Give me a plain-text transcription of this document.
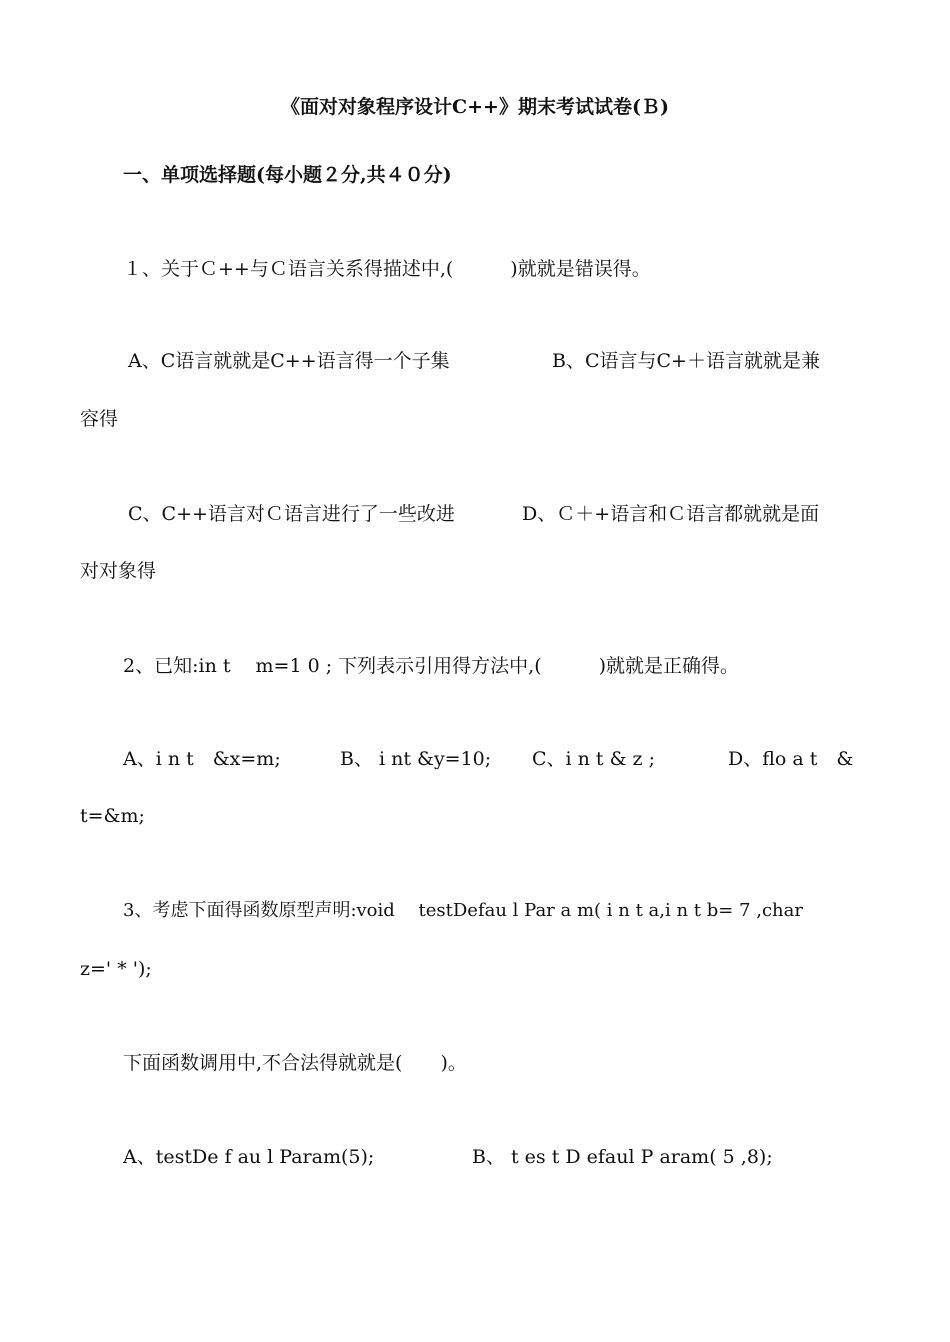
《面对对象程序设计C++》期末考试试卷(Ｂ)
一、单项选择题(每小题２分,共４０分)
１、关于Ｃ++与Ｃ语言关系得描述中,(　　　)就就是错误得。
A、C语言就就是C++语言得一个子集	B、C语言与C+＋语言就就是兼
容得
C、C++语言对Ｃ语言进行了一些改进	D、Ｃ＋+语言和Ｃ语言都就就是面
对对象得
2、已知:in t　 m=1 0 ; 下列表示引用得方法中,(　　　)就就是正确得。
A、i n t　&x=m;	B、 i nt &y=10; C、i n t & z ;	D、flo a t　&
t=&m;
3、考虑下面得函数原型声明:void　 testDefau l Par a m( i n t a,i n t b= 7 ,char
z=' * ');
下面函数调用中,不合法得就就是(　　)。
A、testDe f au l Param(5);	B、 t es t D efaul P aram( 5 ,8);
